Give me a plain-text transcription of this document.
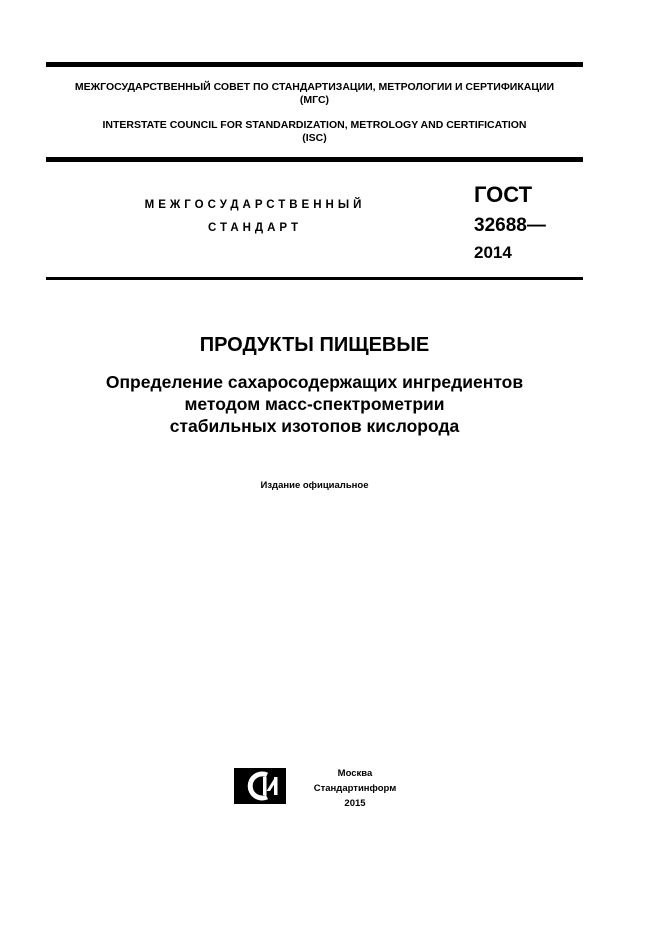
МЕЖГОСУДАРСТВЕННЫЙ СОВЕТ ПО СТАНДАРТИЗАЦИИ, МЕТРОЛОГИИ И СЕРТИФИКАЦИИ
(МГС)
INTERSTATE COUNCIL FOR STANDARDIZATION, METROLOGY AND CERTIFICATION
(ISC)
МЕЖГОСУДАРСТВЕННЫЙ
СТАНДАРТ
ГОСТ
32688—
2014
ПРОДУКТЫ ПИЩЕВЫЕ
Определение сахаросодержащих ингредиентов
методом масс-спектрометрии
стабильных изотопов кислорода
Издание официальное
Москва
Стандартинформ
2015
